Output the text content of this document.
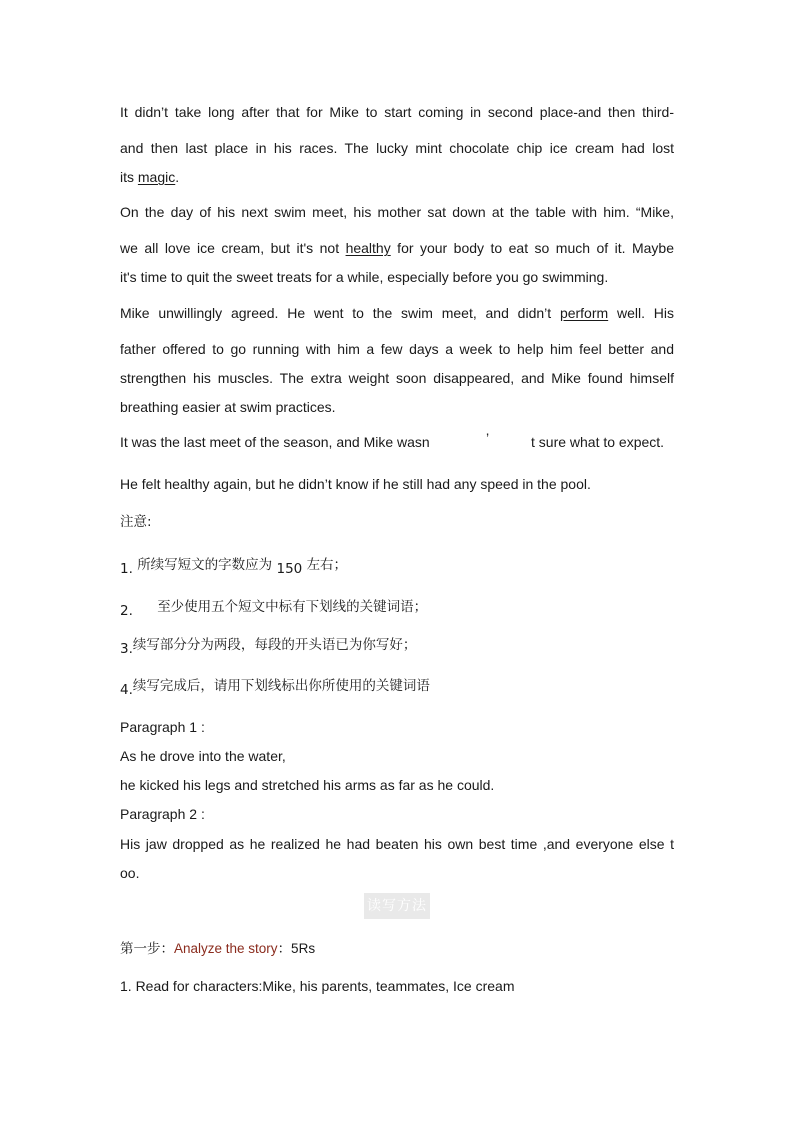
It didn’t take long after that for Mike to start coming in second place-and then third-
and then last place in his races. The lucky mint chocolate chip ice cream had lost
its magic.
On the day of his next swim meet, his mother sat down at the table with him. “Mike,
we all love ice cream, but it's not healthy for your body to eat so much of it. Maybe
it's time to quit the sweet treats for a while, especially before you go swimming.
Mike unwillingly agreed. He went to the swim meet, and didn’t perform well. His
father offered to go running with him a few days a week to help him feel better and
strengthen his muscles. The extra weight soon disappeared, and Mike found himself
breathing easier at swim practices.
It was the last meet of the season, and Mike wasn	’	t sure what to expect.
He felt healthy again, but he didn’t know if he still had any speed in the pool.
注意:
1. 所续写短文的字数应为 150 左右；
2. 至少使用五个短文中标有下划线的关键词语；
3.续写部分分为两段，每段的开头语已为你写好；
4.续写完成后，请用下划线标出你所使用的关键词语
Paragraph 1 :
As he drove into the water,
he kicked his legs and stretched his arms as far as he could.
Paragraph 2 :
His jaw dropped as he realized he had beaten his own best time ,and everyone else t
oo.
读写方法
第一步：Analyze the story：5Rs
1. Read for characters:Mike, his parents, teammates, Ice cream
